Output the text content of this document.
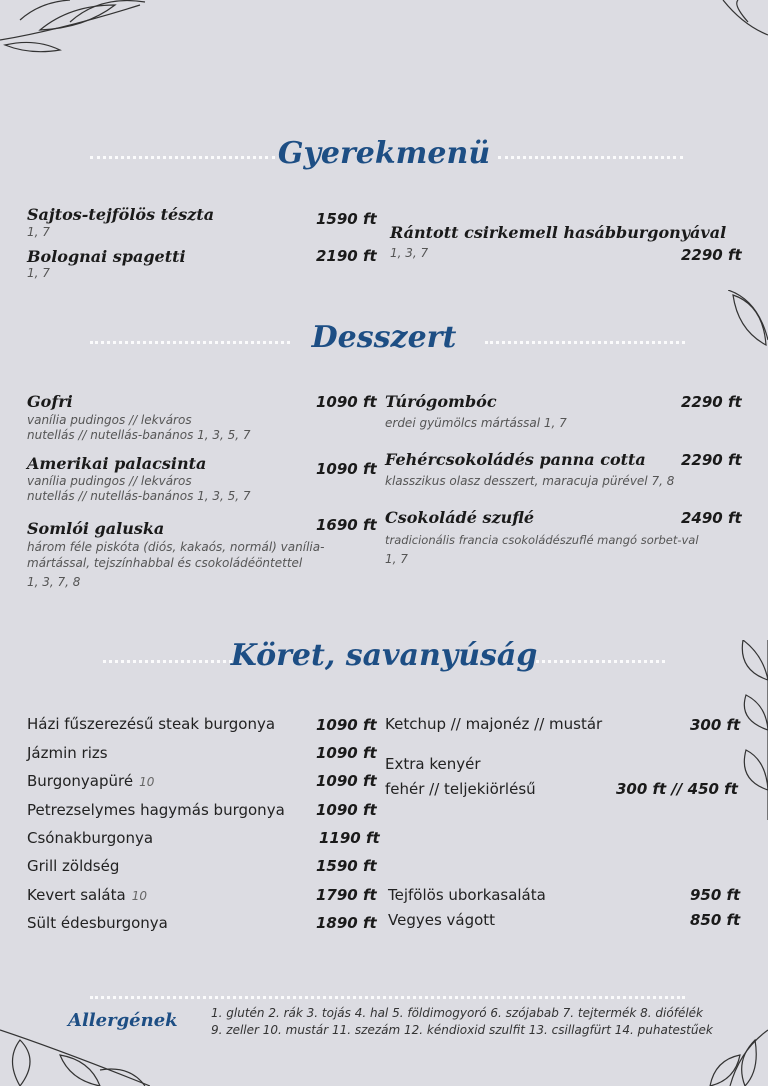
Gyerekmenü
Sajtos-tejfölös tészta	1590 ft
1, 7
Bolognai spagetti	2190 ft
1, 7
Rántott csirkemell hasábburgonyával
1, 3, 7	2290 ft
Desszert
Gofri	1090 ft
vanília pudingos // lekváros
nutellás // nutellás-banános 1, 3, 5, 7
Amerikai palacsinta	1090 ft
vanília pudingos // lekváros
nutellás // nutellás-banános 1, 3, 5, 7
Somlói galuska	1690 ft
három féle piskóta (diós, kakaós, normál) vanília-
mártással, tejszínhabbal és csokoládéöntettel
1, 3, 7, 8
Túrógombóc	2290 ft
erdei gyümölcs mártással 1, 7
Fehércsokoládés panna cotta 2290 ft
klasszikus olasz desszert, maracuja pürével 7, 8
Csokoládé szuflé	2490 ft
tradicionális francia csokoládészuflé mangó sorbet-val
1, 7
Köret, savanyúság
Házi fűszerezésű steak burgonya	1090 ft
Jázmin rizs	1090 ft
Burgonyapüré 10	1090 ft
Petrezselymes hagymás burgonya 1090 ft
Csónakburgonya	1190 ft
Grill zöldség	1590 ft
Kevert saláta 10	1790 ft
Sült édesburgonya	1890 ft
Ketchup // majonéz // mustár	300 ft
Extra kenyér
fehér // teljekiörlésű	300 ft // 450 ft
Tejfölös uborkasaláta	950 ft
Vegyes vágott	850 ft
Allergének	1. glutén 2. rák 3. tojás 4. hal 5. földimogyoró 6. szójabab 7. tejtermék 8. diófélék
9. zeller 10. mustár 11. szezám 12. kéndioxid szulfit 13. csillagfürt 14. puhatestűek
